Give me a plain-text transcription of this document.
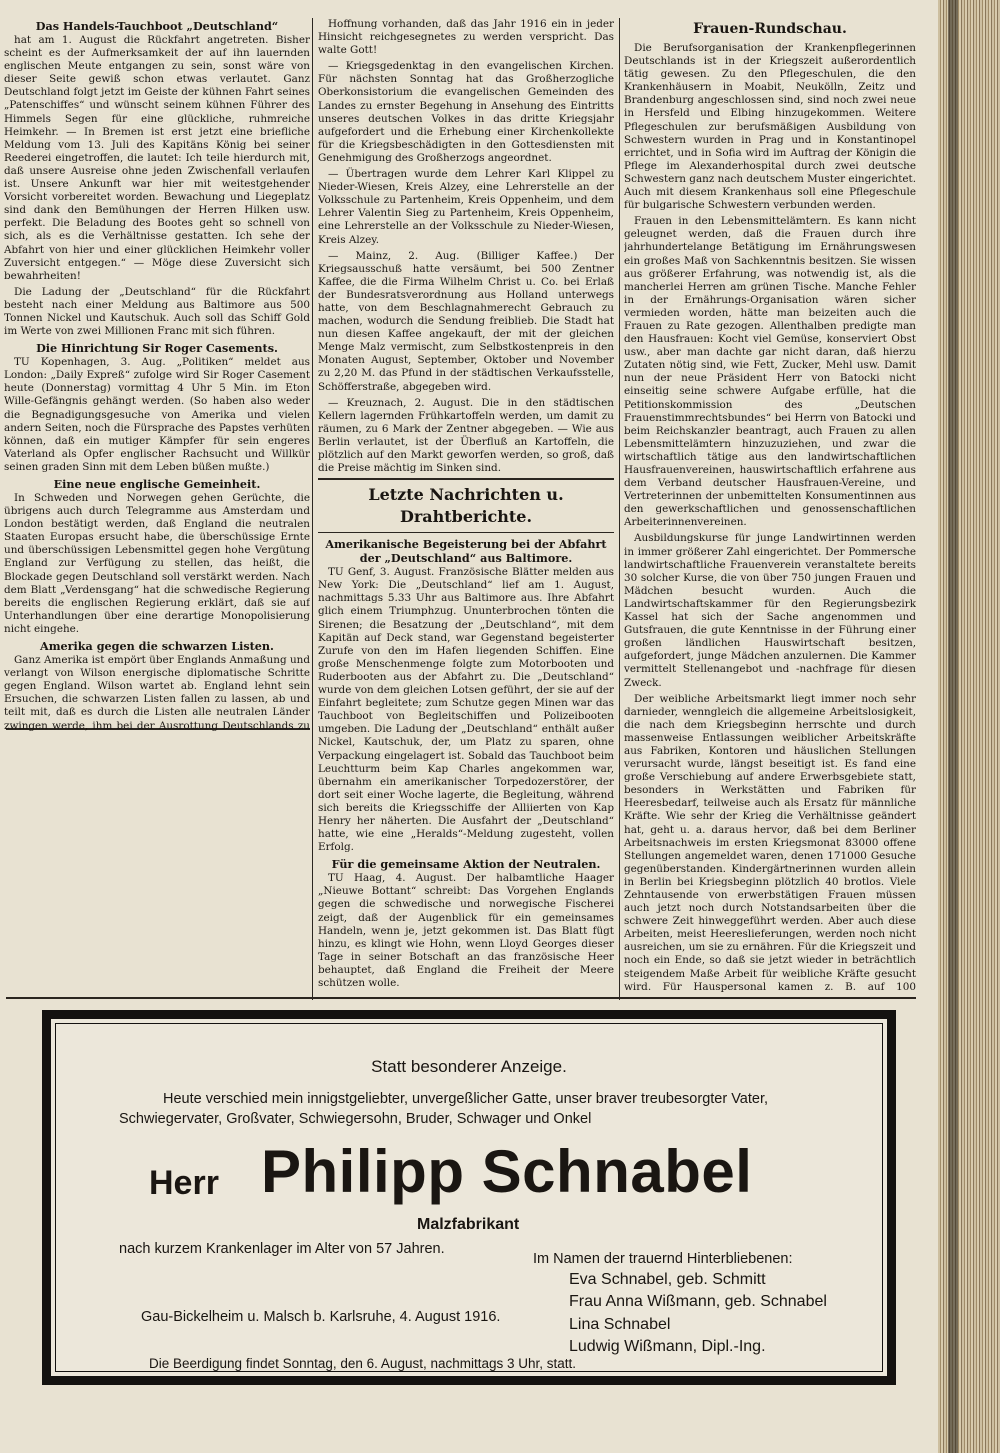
Das Handels-Tauchboot „Deutschland“
hat am 1. August die Rückfahrt angetreten. Bisher scheint es der Aufmerksamkeit der auf ihn lauernden englischen Meute entgangen zu sein, sonst wäre von dieser Seite gewiß schon etwas verlautet. Ganz Deutschland folgt jetzt im Geiste der kühnen Fahrt seines „Patenschiffes“ und wünscht seinem kühnen Führer des Himmels Segen für eine glückliche, ruhmreiche Heimkehr. — In Bremen ist erst jetzt eine briefliche Meldung vom 13. Juli des Kapitäns König bei seiner Reederei eingetroffen, die lautet: Ich teile hierdurch mit, daß unsere Ausreise ohne jeden Zwischenfall verlaufen ist. Unsere Ankunft war hier mit weitestgehender Vorsicht vorbereitet worden. Bewachung und Liegeplatz sind dank den Bemühungen der Herren Hilken usw. perfekt. Die Beladung des Bootes geht so schnell von sich, als es die Verhältnisse gestatten. Ich sehe der Abfahrt von hier und einer glücklichen Heimkehr voller Zuversicht entgegen.“ — Möge diese Zuversicht sich bewahrheiten!
Die Ladung der „Deutschland“ für die Rückfahrt besteht nach einer Meldung aus Baltimore aus 500 Tonnen Nickel und Kautschuk. Auch soll das Schiff Gold im Werte von zwei Millionen Franc mit sich führen.
Die Hinrichtung Sir Roger Casements.
TU Kopenhagen, 3. Aug. „Politiken“ meldet aus London: „Daily Expreß“ zufolge wird Sir Roger Casement heute (Donnerstag) vormittag 4 Uhr 5 Min. im Eton Wille-Gefängnis gehängt werden. (So haben also weder die Begnadigungsgesuche von Amerika und vielen andern Seiten, noch die Fürsprache des Papstes verhüten können, daß ein mutiger Kämpfer für sein engeres Vaterland als Opfer englischer Rachsucht und Willkür seinen graden Sinn mit dem Leben büßen mußte.)
Eine neue englische Gemeinheit.
In Schweden und Norwegen gehen Gerüchte, die übrigens auch durch Telegramme aus Amsterdam und London bestätigt werden, daß England die neutralen Staaten Europas ersucht habe, die überschüssige Ernte und überschüssigen Lebensmittel gegen hohe Vergütung England zur Verfügung zu stellen, das heißt, die Blockade gegen Deutschland soll verstärkt werden. Nach dem Blatt „Verdensgang“ hat die schwedische Regierung bereits die englischen Regierung erklärt, daß sie auf Unterhandlungen über eine derartige Monopolisierung nicht eingehe.
Amerika gegen die schwarzen Listen.
Ganz Amerika ist empört über Englands Anmaßung und verlangt von Wilson energische diplomatische Schritte gegen England. Wilson wartet ab. England lehnt sein Ersuchen, die schwarzen Listen fallen zu lassen, ab und teilt mit, daß es durch die Listen alle neutralen Länder zwingen werde, ihm bei der Ausrottung Deutschlands zu
Hoffnung vorhanden, daß das Jahr 1916 ein in jeder Hinsicht reichgesegnetes zu werden verspricht. Das walte Gott!
— Kriegsgedenktag in den evangelischen Kirchen. Für nächsten Sonntag hat das Großherzogliche Oberkonsistorium die evangelischen Gemeinden des Landes zu ernster Begehung in Ansehung des Eintritts unseres deutschen Volkes in das dritte Kriegsjahr aufgefordert und die Erhebung einer Kirchenkollekte für die Kriegsbeschädigten in den Gottesdiensten mit Genehmigung des Großherzogs angeordnet.
— Übertragen wurde dem Lehrer Karl Klippel zu Nieder-Wiesen, Kreis Alzey, eine Lehrerstelle an der Volksschule zu Partenheim, Kreis Oppenheim, und dem Lehrer Valentin Sieg zu Partenheim, Kreis Oppenheim, eine Lehrerstelle an der Volksschule zu Nieder-Wiesen, Kreis Alzey.
— Mainz, 2. Aug. (Billiger Kaffee.) Der Kriegsausschuß hatte versäumt, bei 500 Zentner Kaffee, die die Firma Wilhelm Christ u. Co. bei Erlaß der Bundesratsverordnung aus Holland unterwegs hatte, von dem Beschlagnahmerecht Gebrauch zu machen, wodurch die Sendung freiblieb. Die Stadt hat nun diesen Kaffee angekauft, der mit der gleichen Menge Malz vermischt, zum Selbstkostenpreis in den Monaten August, September, Oktober und November zu 2,20 M. das Pfund in der städtischen Verkaufsstelle, Schöfferstraße, abgegeben wird.
— Kreuznach, 2. August. Die in den städtischen Kellern lagernden Frühkartoffeln werden, um damit zu räumen, zu 6 Mark der Zentner abgegeben. — Wie aus Berlin verlautet, ist der Überfluß an Kartoffeln, die plötzlich auf den Markt geworfen werden, so groß, daß die Preise mächtig im Sinken sind.
Letzte Nachrichten u. Drahtberichte.
Amerikanische Begeisterung bei der Abfahrt der „Deutschland“ aus Baltimore.
TU Genf, 3. August. Französische Blätter melden aus New York: Die „Deutschland“ lief am 1. August, nachmittags 5.33 Uhr aus Baltimore aus. Ihre Abfahrt glich einem Triumphzug. Ununterbrochen tönten die Sirenen; die Besatzung der „Deutschland“, mit dem Kapitän auf Deck stand, war Gegenstand begeisterter Zurufe von den im Hafen liegenden Schiffen. Eine große Menschenmenge folgte zum Motorbooten und Ruderbooten aus der Abfahrt zu. Die „Deutschland“ wurde von dem gleichen Lotsen geführt, der sie auf der Einfahrt begleitete; zum Schutze gegen Minen war das Tauchboot von Begleitschiffen und Polizeibooten umgeben. Die Ladung der „Deutschland“ enthält außer Nickel, Kautschuk, der, um Platz zu sparen, ohne Verpackung eingelagert ist. Sobald das Tauchboot beim Leuchtturm beim Kap Charles angekommen war, übernahm ein amerikanischer Torpedozerstörer, der dort seit einer Woche lagerte, die Begleitung, während sich bereits die Kriegsschiffe der Alliierten von Kap Henry her näherten. Die Ausfahrt der „Deutschland“ hatte, wie eine „Heralds“-Meldung zugesteht, vollen Erfolg.
Für die gemeinsame Aktion der Neutralen.
TU Haag, 4. August. Der halbamtliche Haager „Nieuwe Bottant“ schreibt: Das Vorgehen Englands gegen die schwedische und norwegische Fischerei zeigt, daß der Augenblick für ein gemeinsames Handeln, wenn je, jetzt gekommen ist. Das Blatt fügt hinzu, es klingt wie Hohn, wenn Lloyd Georges dieser Tage in seiner Botschaft an das französische Heer behauptet, daß England die Freiheit der Meere schützen wolle.
Frauen-Rundschau.
Die Berufsorganisation der Krankenpflegerinnen Deutschlands ist in der Kriegszeit außerordentlich tätig gewesen. Zu den Pflegeschulen, die den Krankenhäusern in Moabit, Neukölln, Zeitz und Brandenburg angeschlossen sind, sind noch zwei neue in Hersfeld und Elbing hinzugekommen. Weitere Pflegeschulen zur berufsmäßigen Ausbildung von Schwestern wurden in Prag und in Konstantinopel errichtet, und in Sofia wird im Auftrag der Königin die Pflege im Alexanderhospital durch zwei deutsche Schwestern ganz nach deutschem Muster eingerichtet. Auch mit diesem Krankenhaus soll eine Pflegeschule für bulgarische Schwestern verbunden werden.
Frauen in den Lebensmittelämtern. Es kann nicht geleugnet werden, daß die Frauen durch ihre jahrhundertelange Betätigung im Ernährungswesen ein großes Maß von Sachkenntnis besitzen. Sie wissen aus größerer Erfahrung, was notwendig ist, als die mancherlei Herren am grünen Tische. Manche Fehler in der Ernährungs-Organisation wären sicher vermieden worden, hätte man beizeiten auch die Frauen zu Rate gezogen. Allenthalben predigte man den Hausfrauen: Kocht viel Gemüse, konserviert Obst usw., aber man dachte gar nicht daran, daß hierzu Zutaten nötig sind, wie Fett, Zucker, Mehl usw. Damit nun der neue Präsident Herr von Batocki nicht einseitig seine schwere Aufgabe erfülle, hat die Petitionskommission des „Deutschen Frauenstimmrechtsbundes“ bei Herrn von Batocki und beim Reichskanzler beantragt, auch Frauen zu allen Lebensmittelämtern hinzuzuziehen, und zwar die wirtschaftlich tätige aus den landwirtschaftlichen Hausfrauenvereinen, hauswirtschaftlich erfahrene aus dem Verband deutscher Hausfrauen-Vereine, und Vertreterinnen der unbemittelten Konsumentinnen aus den gewerkschaftlichen und genossenschaftlichen Arbeiterinnenvereinen.
Ausbildungskurse für junge Landwirtinnen werden in immer größerer Zahl eingerichtet. Der Pommersche landwirtschaftliche Frauenverein veranstaltete bereits 30 solcher Kurse, die von über 750 jungen Frauen und Mädchen besucht wurden. Auch die Landwirtschaftskammer für den Regierungsbezirk Kassel hat sich der Sache angenommen und Gutsfrauen, die gute Kenntnisse in der Führung einer großen ländlichen Hauswirtschaft besitzen, aufgefordert, junge Mädchen anzulernen. Die Kammer vermittelt Stellenangebot und -nachfrage für diesen Zweck.
Der weibliche Arbeitsmarkt liegt immer noch sehr darnieder, wenngleich die allgemeine Arbeitslosigkeit, die nach dem Kriegsbeginn herrschte und durch massenweise Entlassungen weiblicher Arbeitskräfte aus Fabriken, Kontoren und häuslichen Stellungen verursacht wurde, längst beseitigt ist. Es fand eine große Verschiebung auf andere Erwerbsgebiete statt, besonders in Werkstätten und Fabriken für Heeresbedarf, teilweise auch als Ersatz für männliche Kräfte. Wie sehr der Krieg die Verhältnisse geändert hat, geht u. a. daraus hervor, daß bei dem Berliner Arbeitsnachweis im ersten Kriegsmonat 83000 offene Stellungen angemeldet waren, denen 171000 Gesuche gegenüberstanden. Kindergärtnerinnen wurden allein in Berlin bei Kriegsbeginn plötzlich 40 brotlos. Viele Zehntausende von erwerbstätigen Frauen müssen auch jetzt noch durch Notstandsarbeiten über die schwere Zeit hinweggeführt werden. Aber auch diese Arbeiten, meist Heereslieferungen, werden noch nicht ausreichen, um sie zu ernähren. Für die Kriegszeit und noch ein Ende, so daß sie jetzt wieder in beträchtlich steigendem Maße Arbeit für weibliche Kräfte gesucht wird. Für Hauspersonal kamen z. B. auf 100
Statt besonderer Anzeige.
Heute verschied mein innigstgeliebter, unvergeßlicher Gatte, unser braver treubesorgter Vater,
Schwiegervater, Großvater, Schwiegersohn, Bruder, Schwager und Onkel
Herr Philipp Schnabel
Malzfabrikant
nach kurzem Krankenlager im Alter von 57 Jahren.
Im Namen der trauernd Hinterbliebenen:
Eva Schnabel, geb. Schmitt
Frau Anna Wißmann, geb. Schnabel
Lina Schnabel
Ludwig Wißmann, Dipl.-Ing.
Gau-Bickelheim u. Malsch b. Karlsruhe, 4. August 1916.
Die Beerdigung findet Sonntag, den 6. August, nachmittags 3 Uhr, statt.
